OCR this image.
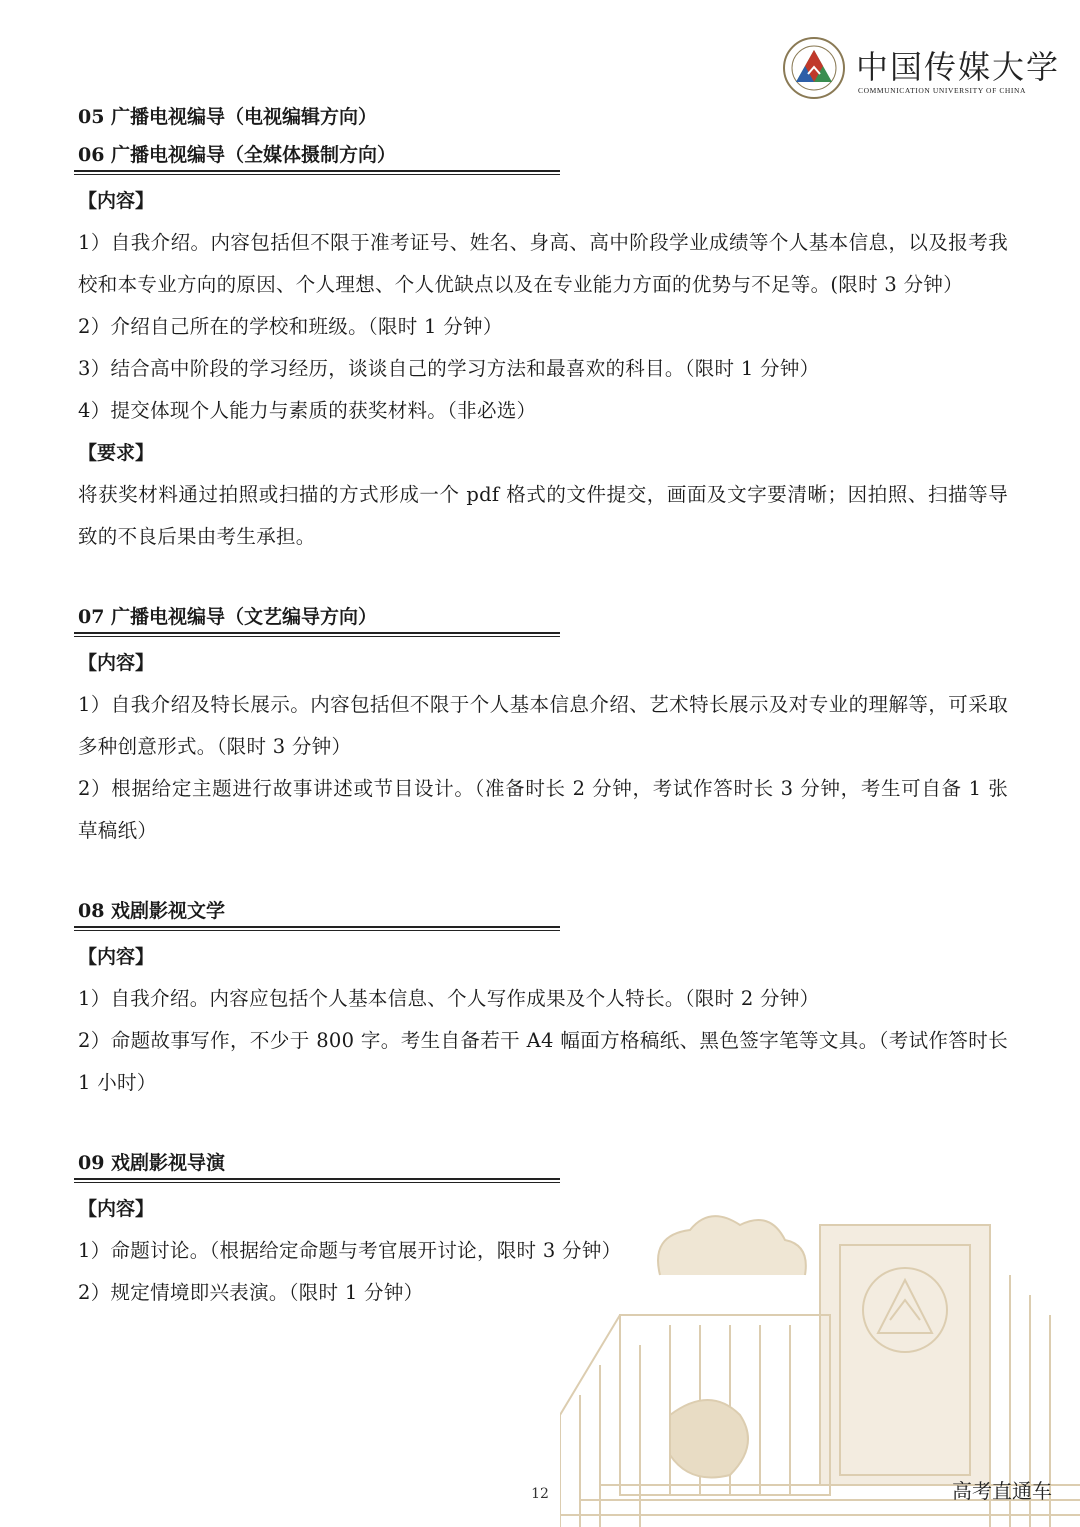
中国传媒大学
COMMUNICATION UNIVERSITY OF CHINA
05 广播电视编导（电视编辑方向）
06 广播电视编导（全媒体摄制方向）
【内容】

1）自我介绍。内容包括但不限于准考证号、姓名、身高、高中阶段学业成绩等个人基本信息，以及报考我校和本专业方向的原因、个人理想、个人优缺点以及在专业能力方面的优势与不足等。(限时 3 分钟）

2）介绍自己所在的学校和班级。（限时 1 分钟）

3）结合高中阶段的学习经历，谈谈自己的学习方法和最喜欢的科目。（限时 1 分钟）

4）提交体现个人能力与素质的获奖材料。（非必选）

【要求】

将获奖材料通过拍照或扫描的方式形成一个 pdf 格式的文件提交，画面及文字要清晰；因拍照、扫描等导致的不良后果由考生承担。

07 广播电视编导（文艺编导方向）
【内容】

1）自我介绍及特长展示。内容包括但不限于个人基本信息介绍、艺术特长展示及对专业的理解等，可采取多种创意形式。（限时 3 分钟）

2）根据给定主题进行故事讲述或节目设计。（准备时长 2 分钟，考试作答时长 3 分钟，考生可自备 1 张草稿纸）

08 戏剧影视文学
【内容】

1）自我介绍。内容应包括个人基本信息、个人写作成果及个人特长。（限时 2 分钟）

2）命题故事写作，不少于 800 字。考生自备若干 A4 幅面方格稿纸、黑色签字笔等文具。（考试作答时长 1 小时）

09 戏剧影视导演
【内容】

1）命题讨论。（根据给定命题与考官展开讨论，限时 3 分钟）

2）规定情境即兴表演。（限时 1 分钟）

12	高考直通车
